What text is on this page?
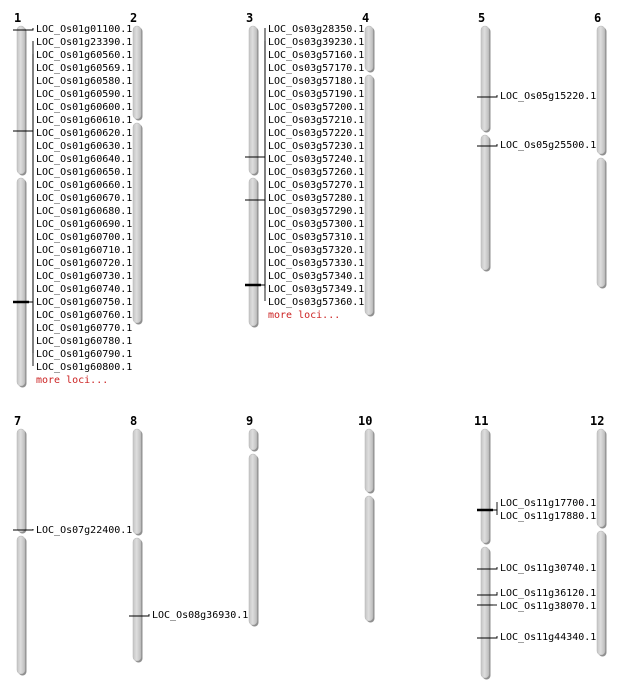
1	2	3	4	5	6
7	8	9	10	11	12
LOC_Os01g01100.1
LOC_Os01g23390.1
LOC_Os01g60560.1
LOC_Os01g60569.1
LOC_Os01g60580.1
LOC_Os01g60590.1
LOC_Os01g60600.1
LOC_Os01g60610.1
LOC_Os01g60620.1
LOC_Os01g60630.1
LOC_Os01g60640.1
LOC_Os01g60650.1
LOC_Os01g60660.1
LOC_Os01g60670.1
LOC_Os01g60680.1
LOC_Os01g60690.1
LOC_Os01g60700.1
LOC_Os01g60710.1
LOC_Os01g60720.1
LOC_Os01g60730.1
LOC_Os01g60740.1
LOC_Os01g60750.1
LOC_Os01g60760.1
LOC_Os01g60770.1
LOC_Os01g60780.1
LOC_Os01g60790.1
LOC_Os01g60800.1
more loci...
LOC_Os03g28350.1
LOC_Os03g39230.1
LOC_Os03g57160.1
LOC_Os03g57170.1
LOC_Os03g57180.1
LOC_Os03g57190.1
LOC_Os03g57200.1
LOC_Os03g57210.1
LOC_Os03g57220.1
LOC_Os03g57230.1
LOC_Os03g57240.1
LOC_Os03g57260.1
LOC_Os03g57270.1
LOC_Os03g57280.1
LOC_Os03g57290.1
LOC_Os03g57300.1
LOC_Os03g57310.1
LOC_Os03g57320.1
LOC_Os03g57330.1
LOC_Os03g57340.1
LOC_Os03g57349.1
LOC_Os03g57360.1
more loci...
LOC_Os05g15220.1
LOC_Os05g25500.1
LOC_Os07g22400.1
LOC_Os08g36930.1
LOC_Os11g17700.1
LOC_Os11g17880.1
LOC_Os11g30740.1
LOC_Os11g36120.1
LOC_Os11g38070.1
LOC_Os11g44340.1
